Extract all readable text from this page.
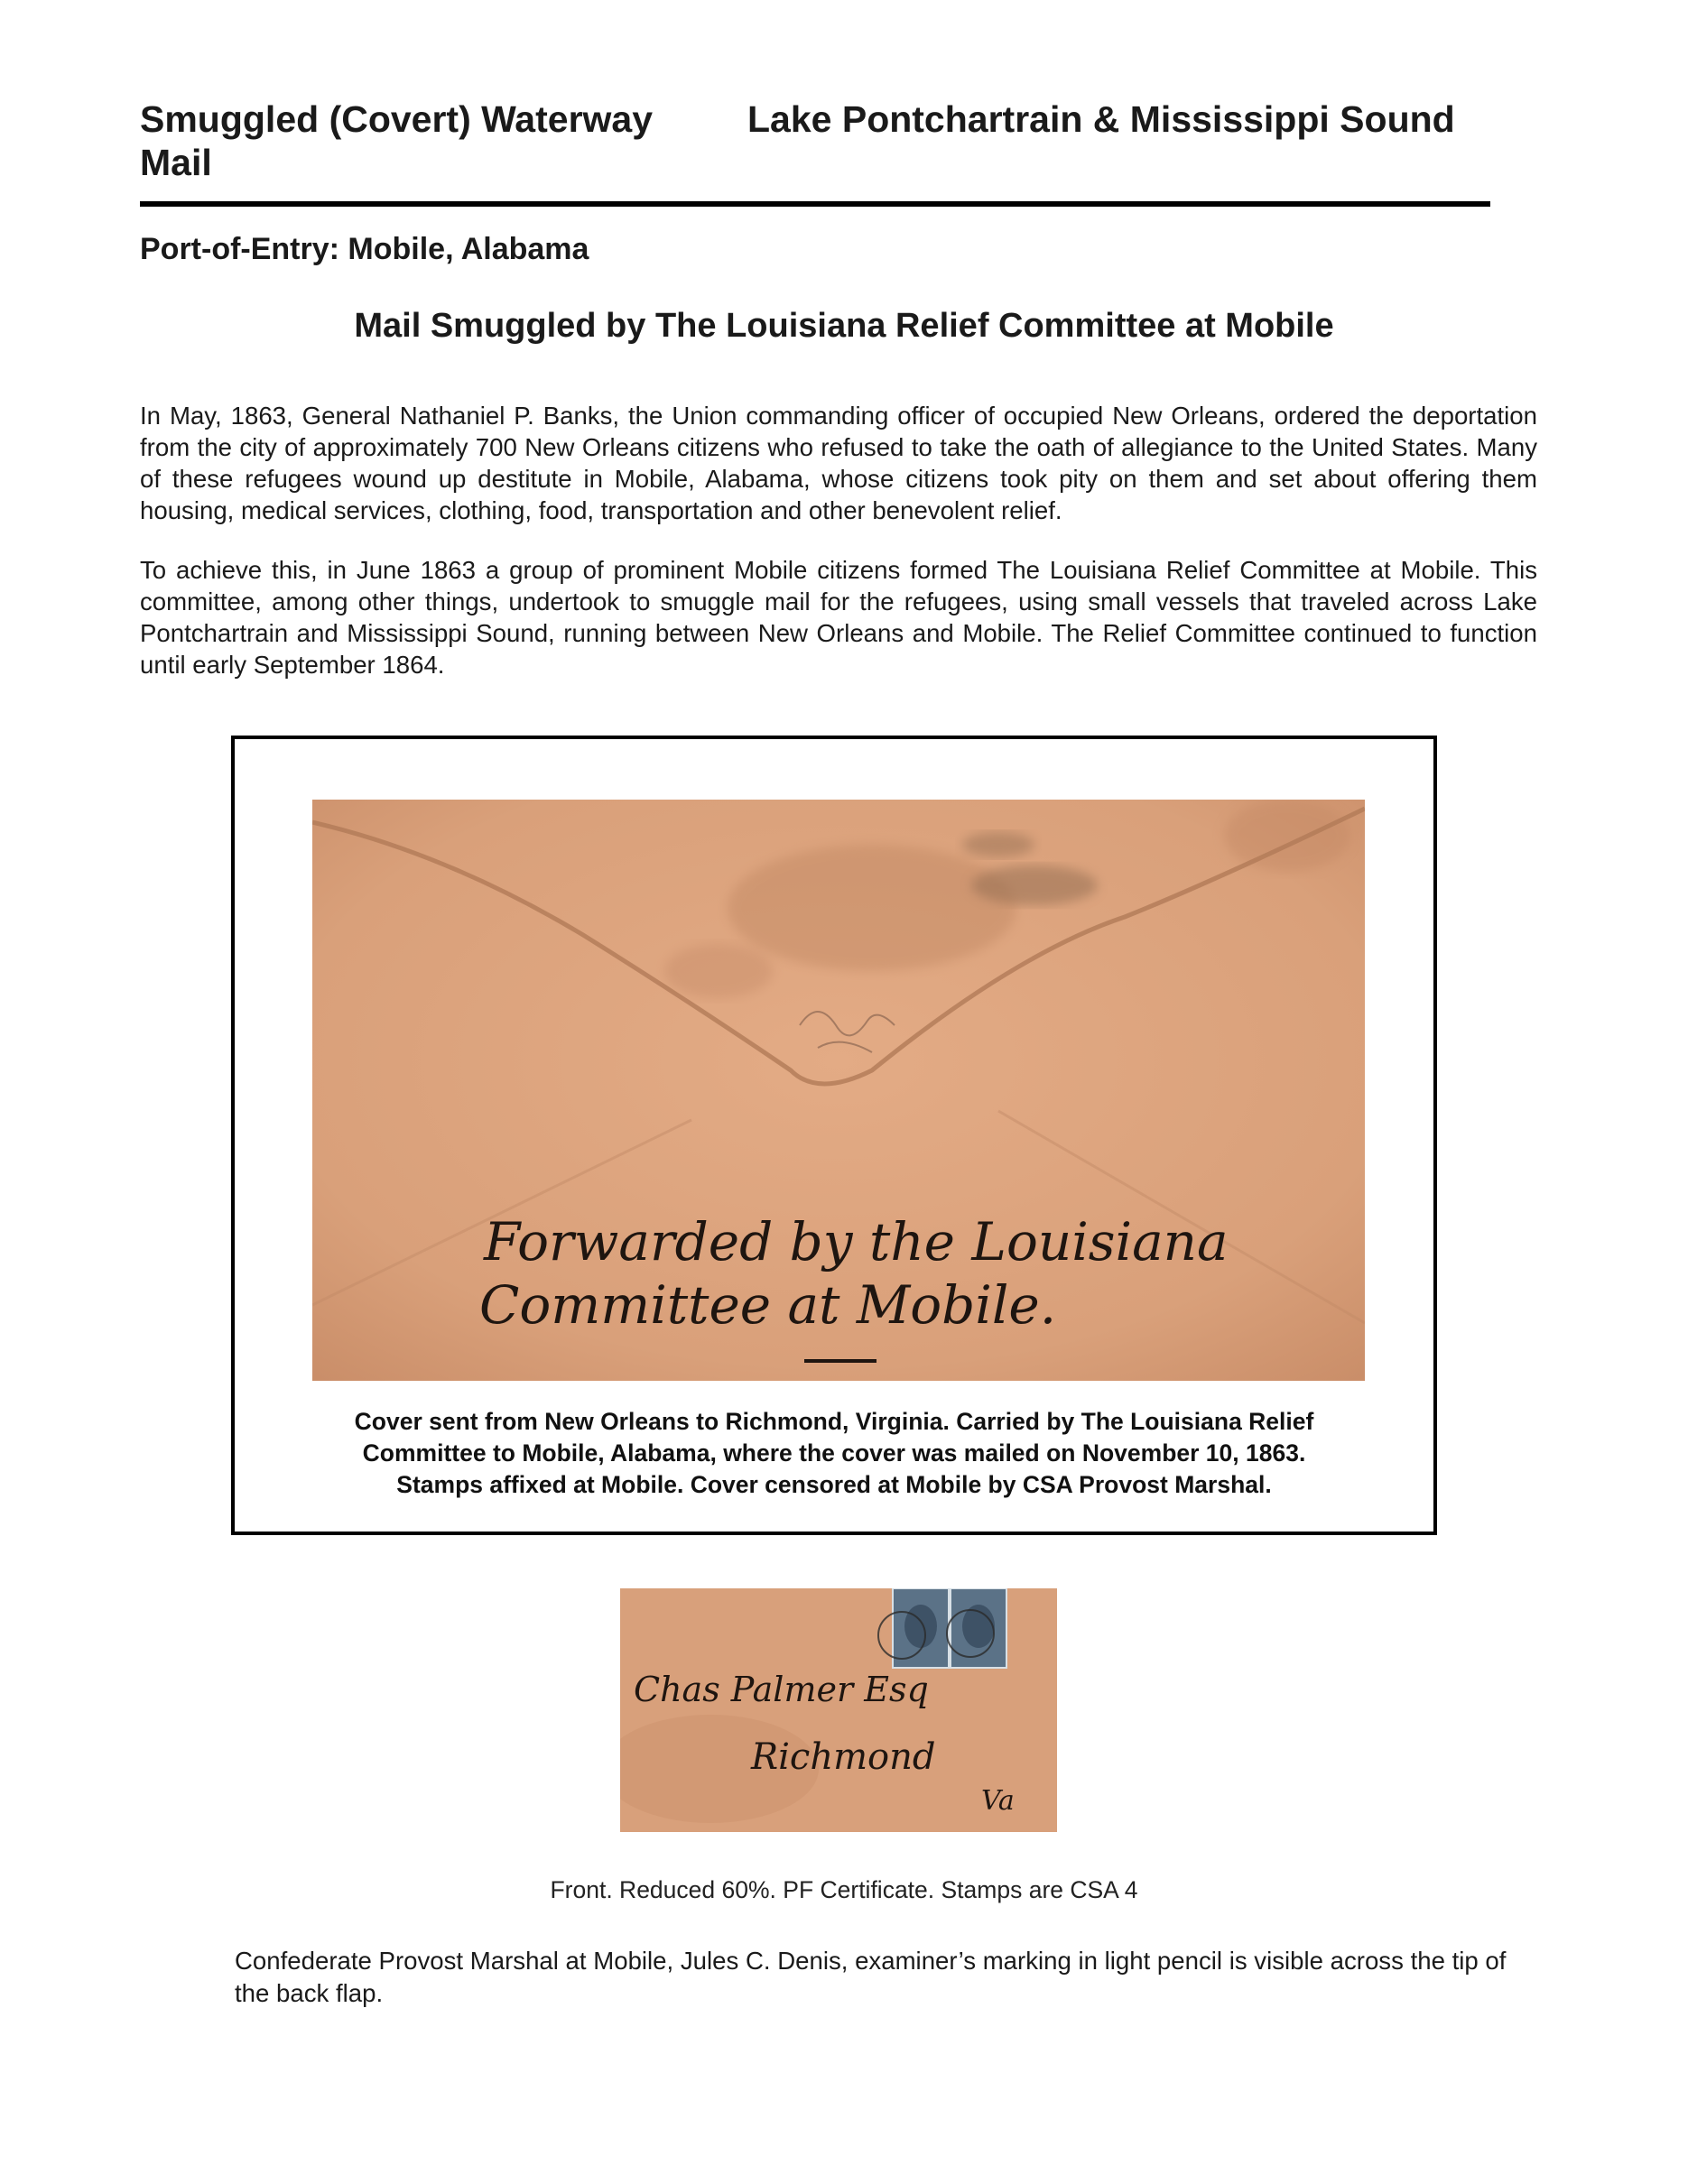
Smuggled (Covert) Waterway Mail
Lake Pontchartrain & Mississippi Sound
Port-of-Entry: Mobile, Alabama
Mail Smuggled by The Louisiana Relief Committee at Mobile
In May, 1863, General Nathaniel P. Banks, the Union commanding officer of occupied New Orleans, ordered the deportation from the city of approximately 700 New Orleans citizens who refused to take the oath of allegiance to the United States. Many of these refugees wound up destitute in Mobile, Alabama, whose citizens took pity on them and set about offering them housing, medical services, clothing, food, transportation and other benevolent relief.
To achieve this, in June 1863 a group of prominent Mobile citizens formed The Louisiana Relief Committee at Mobile. This committee, among other things, undertook to smuggle mail for the refugees, using small vessels that traveled across Lake Pontchartrain and Mississippi Sound, running between New Orleans and Mobile. The Relief Committee continued to function until early September 1864.
Forwarded by the Louisiana
Committee at Mobile.
Cover sent from New Orleans to Richmond, Virginia. Carried by The Louisiana Relief
Committee to Mobile, Alabama, where the cover was mailed on November 10, 1863.
Stamps affixed at Mobile. Cover censored at Mobile by CSA Provost Marshal.
Chas Palmer Esq
Richmond
Va
Front. Reduced 60%. PF Certificate. Stamps are CSA 4
Confederate Provost Marshal at Mobile, Jules C. Denis, examiner’s marking in light pencil is visible across the tip of the back flap.
